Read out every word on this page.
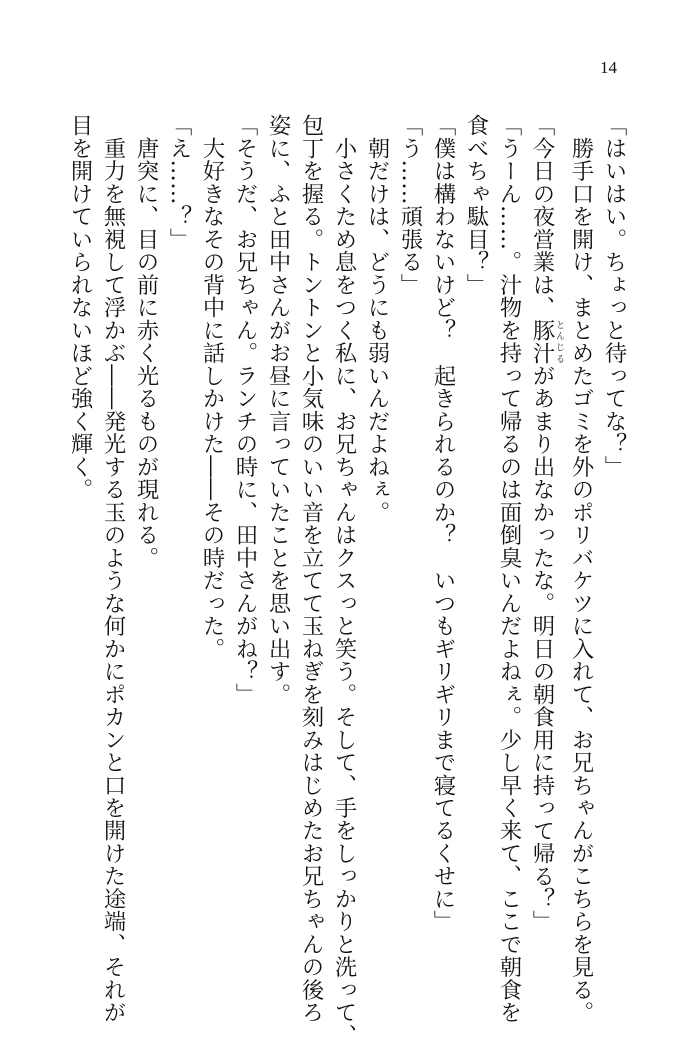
14
「はいはい。ちょっと待ってな？」
　勝手口を開け、まとめたゴミを外のポリバケツに入れて、お兄ちゃんがこちらを見る。
「今日の夜営業は、豚汁 とんじるがあまり出なかったな。明日の朝食用に持って帰る？」
「うーん……。汁物を持って帰るのは面倒臭いんだよねぇ。少し早く来て、ここで朝食を
食べちゃ駄目？」
「僕は構わないけど？　起きられるのか？　いつもギリギリまで寝てるくせに」
「う……頑張る」
　朝だけは、どうにも弱いんだよねぇ。
　小さくため息をつく私に、お兄ちゃんはクスっと笑う。そして、手をしっかりと洗って、
包丁を握る。トントンと小気味のいい音を立てて玉ねぎを刻みはじめたお兄ちゃんの後ろ
姿に、ふと田中さんがお昼に言っていたことを思い出す。
「そうだ、お兄ちゃん。ランチの時に、田中さんがね？」
　大好きなその背中に話しかけた――その時だった。
「え……？」
　唐突に、目の前に赤く光るものが現れる。
　重力を無視して浮かぶ――発光する玉のような何かにポカンと口を開けた途端、それが
目を開けていられないほど強く輝く。
